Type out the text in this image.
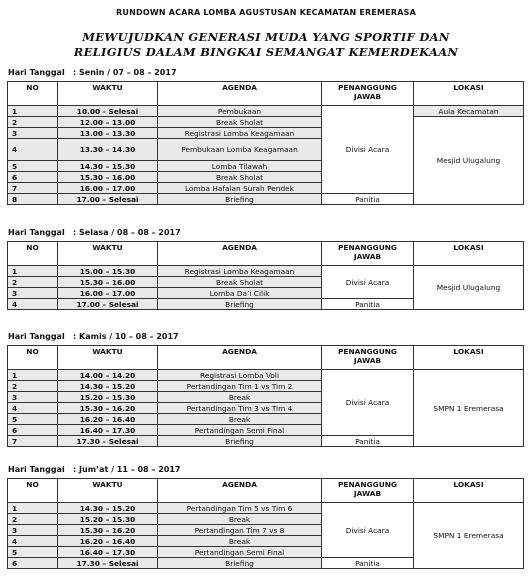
RUNDOWN ACARA LOMBA AGUSTUSAN KECAMATAN EREMERASA
MEWUJUDKAN GENERASI MUDA YANG SPORTIF DAN
RELIGIUS DALAM BINGKAI SEMANGAT KEMERDEKAAN
Hari Tanggal   : Senin / 07 – 08 – 2017
NO	WAKTU	AGENDA	PENANGGUNG JAWAB	LOKASI
1	10.00 - Selesai	Pembukaan	Divisi Acara	Aula Kecamatan
2	12.00 – 13.00	Break Sholat		Mesjid Ulugalung
3	13.00 – 13.30	Registrasi Lomba Keagamaan		
4	13.30 – 14.30	Pembukaan Lomba Keagamaan		
5	14.30 – 15.30	Lomba Tilawah		
6	15.30 – 16.00	Break Sholat		
7	16.00 – 17.00	Lomba Hafalan Surah Pendek		
8	17.00 – Selesai	Briefing	Panitia	
Hari Tanggal   : Selasa / 08 – 08 – 2017
NO	WAKTU	AGENDA	PENANGGUNG JAWAB	LOKASI
1	15.00 – 15.30	Registrasi Lomba Keagamaan	Divisi Acara	Mesjid Ulugalung
2	15.30 – 16.00	Break Sholat		
3	16.00 – 17.00	Lomba Da’i Cilik		
4	17.00 – Selesai	Briefing	Panitia	
Hari Tanggal   : Kamis / 10 – 08 – 2017
NO	WAKTU	AGENDA	PENANGGUNG JAWAB	LOKASI
1	14.00 – 14.20	Registrasi Lomba Voli	Divisi Acara	SMPN 1 Eremerasa
2	14.30 – 15.20	Pertandingan Tim 1 vs Tim 2		
3	15.20 – 15.30	Break		
4	15.30 – 16.20	Pertandingan Tim 3 vs Tim 4		
5	16.20 – 16.40	Break		
6	16.40 – 17.30	Pertandingan Semi Final		
7	17.30 – Selesai	Briefing	Panitia	
Hari Tanggal   : Jum’at / 11 – 08 – 2017
NO	WAKTU	AGENDA	PENANGGUNG JAWAB	LOKASI
1	14.30 – 15.20	Pertandingan Tim 5 vs Tim 6	Divisi Acara	SMPN 1 Eremerasa
2	15.20 – 15.30	Break		
3	15.30 – 16.20	Pertandingan Tim 7 vs 8		
4	16.20 – 16.40	Break		
5	16.40 – 17.30	Pertandingan Semi Final		
6	17.30 – Selesai	Briefing	Panitia	
